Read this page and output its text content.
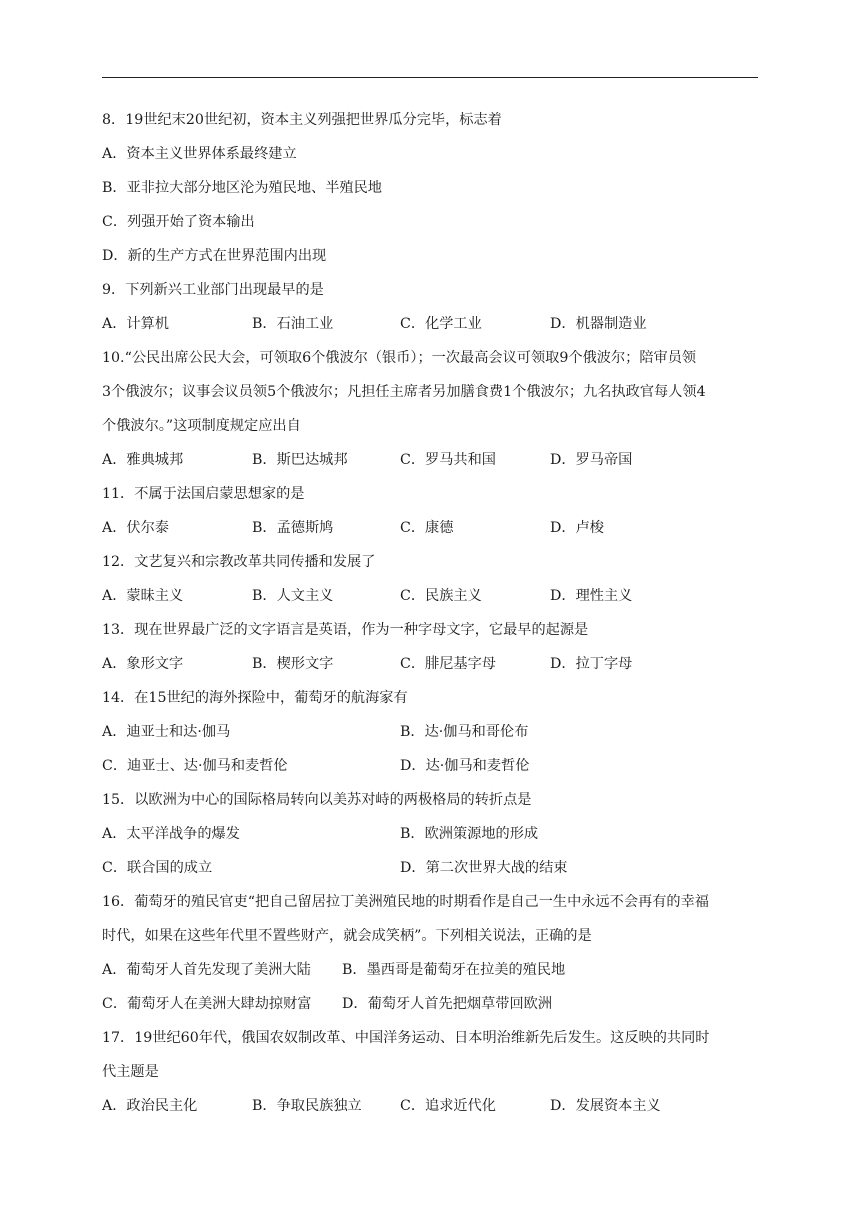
8．19世纪末20世纪初，资本主义列强把世界瓜分完毕，标志着
A．资本主义世界体系最终建立
B．亚非拉大部分地区沦为殖民地、半殖民地
C．列强开始了资本输出
D．新的生产方式在世界范围内出现
9．下列新兴工业部门出现最早的是
A．计算机	B．石油工业	C．化学工业	D．机器制造业
10.“公民出席公民大会，可领取6个俄波尔（银币）；一次最高会议可领取9个俄波尔；陪审员领
3个俄波尔；议事会议员领5个俄波尔；凡担任主席者另加膳食费1个俄波尔；九名执政官每人领4
个俄波尔。”这项制度规定应出自
A．雅典城邦	B．斯巴达城邦	C．罗马共和国	D．罗马帝国
11．不属于法国启蒙思想家的是
A．伏尔泰	B．孟德斯鸠	C．康德	D．卢梭
12．文艺复兴和宗教改革共同传播和发展了
A．蒙昧主义	B．人文主义	C．民族主义	D．理性主义
13．现在世界最广泛的文字语言是英语，作为一种字母文字，它最早的起源是
A．象形文字	B．楔形文字	C．腓尼基字母	D．拉丁字母
14．在15世纪的海外探险中，葡萄牙的航海家有
A．迪亚士和达·伽马	B．达·伽马和哥伦布
C．迪亚士、达·伽马和麦哲伦	D．达·伽马和麦哲伦
15．以欧洲为中心的国际格局转向以美苏对峙的两极格局的转折点是
A．太平洋战争的爆发	B．欧洲策源地的形成
C．联合国的成立	D．第二次世界大战的结束
16．葡萄牙的殖民官吏“把自己留居拉丁美洲殖民地的时期看作是自己一生中永远不会再有的幸福
时代，如果在这些年代里不置些财产，就会成笑柄”。下列相关说法，正确的是
A．葡萄牙人首先发现了美洲大陆 B．墨西哥是葡萄牙在拉美的殖民地
C．葡萄牙人在美洲大肆劫掠财富 D．葡萄牙人首先把烟草带回欧洲
17．19世纪60年代，俄国农奴制改革、中国洋务运动、日本明治维新先后发生。这反映的共同时
代主题是
A．政治民主化	B．争取民族独立	C．追求近代化	D．发展资本主义
